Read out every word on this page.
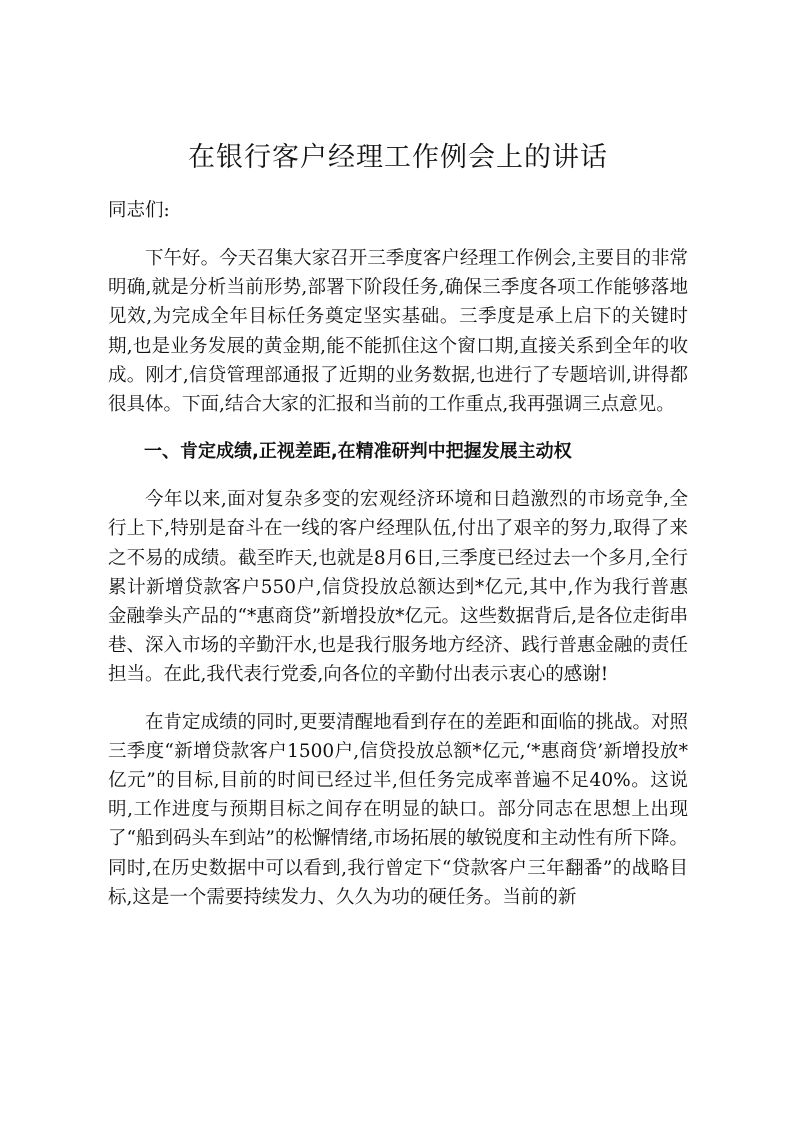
在银行客户经理工作例会上的讲话

同志们:

下午好。今天召集大家召开三季度客户经理工作例会,主要目的非常明确,就是分析当前形势,部署下阶段任务,确保三季度各项工作能够落地见效,为完成全年目标任务奠定坚实基础。三季度是承上启下的关键时期,也是业务发展的黄金期,能不能抓住这个窗口期,直接关系到全年的收成。刚才,信贷管理部通报了近期的业务数据,也进行了专题培训,讲得都很具体。下面,结合大家的汇报和当前的工作重点,我再强调三点意见。

一、肯定成绩,正视差距,在精准研判中把握发展主动权

今年以来,面对复杂多变的宏观经济环境和日趋激烈的市场竞争,全行上下,特别是奋斗在一线的客户经理队伍,付出了艰辛的努力,取得了来之不易的成绩。截至昨天,也就是8月6日,三季度已经过去一个多月,全行累计新增贷款客户550户,信贷投放总额达到*亿元,其中,作为我行普惠金融拳头产品的“*惠商贷”新增投放*亿元。这些数据背后,是各位走街串巷、深入市场的辛勤汗水,也是我行服务地方经济、践行普惠金融的责任担当。在此,我代表行党委,向各位的辛勤付出表示衷心的感谢!

在肯定成绩的同时,更要清醒地看到存在的差距和面临的挑战。对照三季度“新增贷款客户1500户,信贷投放总额*亿元,‘*惠商贷’新增投放*亿元”的目标,目前的时间已经过半,但任务完成率普遍不足40%。这说明,工作进度与预期目标之间存在明显的缺口。部分同志在思想上出现了“船到码头车到站”的松懈情绪,市场拓展的敏锐度和主动性有所下降。同时,在历史数据中可以看到,我行曾定下“贷款客户三年翻番”的战略目标,这是一个需要持续发力、久久为功的硬任务。当前的新
